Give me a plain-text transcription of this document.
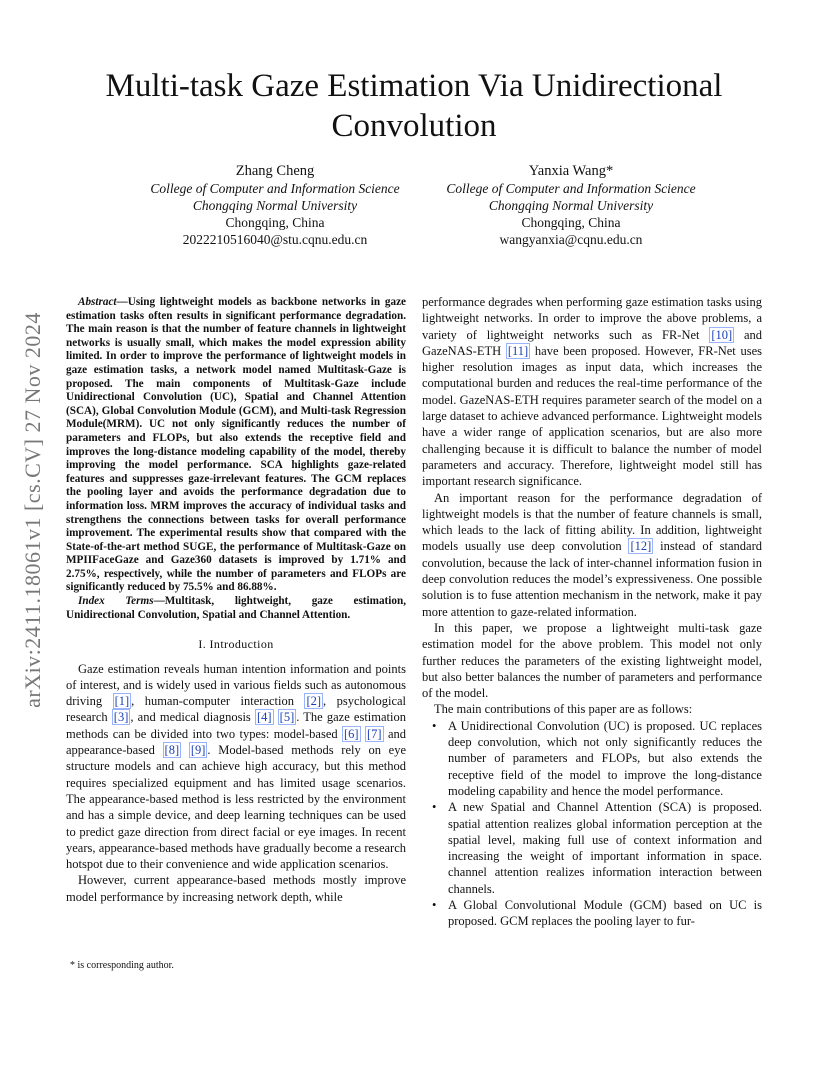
arXiv:2411.18061v1 [cs.CV] 27 Nov 2024
Multi-task Gaze Estimation Via Unidirectional Convolution
Zhang Cheng
College of Computer and Information Science
Chongqing Normal University
Chongqing, China
2022210516040@stu.cqnu.edu.cn
Yanxia Wang*
College of Computer and Information Science
Chongqing Normal University
Chongqing, China
wangyanxia@cqnu.edu.cn

Abstract—Using lightweight models as backbone networks in gaze estimation tasks often results in significant performance degradation. The main reason is that the number of feature channels in lightweight networks is usually small, which makes the model expression ability limited. In order to improve the performance of lightweight models in gaze estimation tasks, a network model named Multitask-Gaze is proposed. The main components of Multitask-Gaze include Unidirectional Convolution (UC), Spatial and Channel Attention (SCA), Global Convolution Module (GCM), and Multi-task Regression Module(MRM). UC not only significantly reduces the number of parameters and FLOPs, but also extends the receptive field and improves the long-distance modeling capability of the model, thereby improving the model performance. SCA highlights gaze-related features and suppresses gaze-irrelevant features. The GCM replaces the pooling layer and avoids the performance degradation due to information loss. MRM improves the accuracy of individual tasks and strengthens the connections between tasks for overall performance improvement. The experimental results show that compared with the State-of-the-art method SUGE, the performance of Multitask-Gaze on MPIIFaceGaze and Gaze360 datasets is improved by 1.71% and 2.75%, respectively, while the number of parameters and FLOPs are significantly reduced by 75.5% and 86.88%.

Index Terms—Multitask, lightweight, gaze estimation, Unidirectional Convolution, Spatial and Channel Attention.

I. Introduction

Gaze estimation reveals human intention information and points of interest, and is widely used in various fields such as autonomous driving [1] , human-computer interaction [2] , psychological research [3] , and medical diagnosis [4] [5] . The gaze estimation methods can be divided into two types: model-based [6] [7] and appearance-based [8] [9] . Model-based methods rely on eye structure models and can achieve high accuracy, but this method requires specialized equipment and has limited usage scenarios. The appearance-based method is less restricted by the environment and has a simple device, and deep learning techniques can be used to predict gaze direction from direct facial or eye images. In recent years, appearance-based methods have gradually become a research hotspot due to their convenience and wide application scenarios.

However, current appearance-based methods mostly improve model performance by increasing network depth, while

performance degrades when performing gaze estimation tasks using lightweight networks. In order to improve the above problems, a variety of lightweight networks such as FR-Net [10] and GazeNAS-ETH [11] have been proposed. However, FR-Net uses higher resolution images as input data, which increases the computational burden and reduces the real-time performance of the model. GazeNAS-ETH requires parameter search of the model on a large dataset to achieve advanced performance. Lightweight models have a wider range of application scenarios, but are also more challenging because it is difficult to balance the number of model parameters and accuracy. Therefore, lightweight model still has important research significance.

An important reason for the performance degradation of lightweight models is that the number of feature channels is small, which leads to the lack of fitting ability. In addition, lightweight models usually use deep convolution [12] instead of standard convolution, because the lack of inter-channel information fusion in deep convolution reduces the model’s expressiveness. One possible solution is to fuse attention mechanism in the network, make it pay more attention to gaze-related information.

In this paper, we propose a lightweight multi-task gaze estimation model for the above problem. This model not only further reduces the parameters of the existing lightweight model, but also better balances the number of parameters and performance of the model.

The main contributions of this paper are as follows:

• A Unidirectional Convolution (UC) is proposed. UC replaces deep convolution, which not only significantly reduces the number of parameters and FLOPs, but also extends the receptive field of the model to improve the long-distance modeling capability and hence the model performance.
• A new Spatial and Channel Attention (SCA) is proposed. spatial attention realizes global information perception at the spatial level, making full use of context information and increasing the weight of important information in space. channel attention realizes information interaction between channels.
• A Global Convolutional Module (GCM) based on UC is proposed. GCM replaces the pooling layer to fur-
* is corresponding author.
